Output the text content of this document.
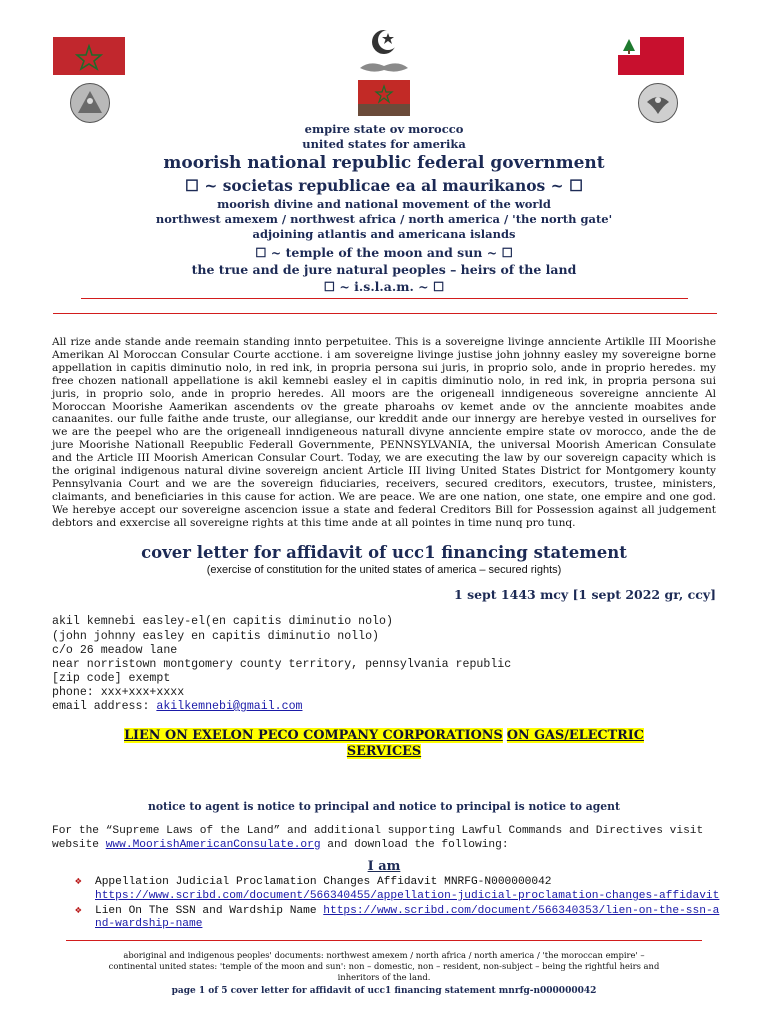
empire state ov morocco
united states for amerika
moorish national republic federal government
☐ ~ societas republicae ea al maurikanos ~ ☐
moorish divine and national movement of the world
northwest amexem / northwest africa / north america / 'the north gate'
adjoining atlantis and americana islands
☐ ~ temple of the moon and sun ~ ☐
the true and de jure natural peoples – heirs of the land
☐ ~ i.s.l.a.m. ~ ☐
All rize ande stande ande reemain standing innto perpetuitee. This is a sovereigne livinge annciente Artiklle III Moorishe Amerikan Al Moroccan Consular Courte acctione. i am sovereigne livinge justise john johnny easley my sovereigne borne appellation in capitis diminutio nolo, in red ink, in propria persona sui juris, in proprio solo, ande in proprio heredes. my free chozen nationall appellatione is akil kemnebi easley el in capitis diminutio nolo, in red ink, in propria persona sui juris, in proprio solo, ande in proprio heredes. All moors are the origeneall inndigeneous sovereigne annciente Al Moroccan Moorishe Aamerikan ascendents ov the greate pharoahs ov kemet ande ov the annciente moabites ande canaanites. our fulle faithe ande truste, our allegianse, our kreddit ande our innergy are herebye vested in ourselives for we are the peepel who are the origeneall inndigeneous naturall divyne annciente empire state ov morocco, ande the de jure Moorishe Nationall Reepublic Federall Governmente, PENNSYLVANIA, the universal Moorish American Consulate and the Article III Moorish American Consular Court. Today, we are executing the law by our sovereign capacity which is the original indigenous natural divine sovereign ancient Article III living United States District for Montgomery kounty Pennsylvania Court and we are the sovereign fiduciaries, receivers, secured creditors, executors, trustee, ministers, claimants, and beneficiaries in this cause for action. We are peace. We are one nation, one state, one empire and one god. We herebye accept our sovereigne ascencion issue a state and federal Creditors Bill for Possession against all judgement debtors and exxercise all sovereigne rights at this time ande at all pointes in time nunq pro tunq.
cover letter for affidavit of ucc1 financing statement
(exercise of constitution for the united states of america – secured rights)
1 sept 1443 mcy [1 sept 2022 gr, ccy]
akil kemnebi easley-el(en capitis diminutio nolo)
(john johnny easley en capitis diminutio nollo)
c/o 26 meadow lane
near norristown montgomery county territory, pennsylvania republic
[zip code] exempt
phone: xxx+xxx+xxxx
email address: akilkemnebi@gmail.com
LIEN ON EXELON PECO COMPANY CORPORATIONS ON GAS/ELECTRIC
SERVICES
notice to agent is notice to principal and notice to principal is notice to agent
For the “Supreme Laws of the Land” and additional supporting Lawful Commands and Directives visit
website www.MoorishAmericanConsulate.org and download the following:
I am
❖ Appellation Judicial Proclamation Changes Affidavit MNRFG-N000000042
https://www.scribd.com/document/566340455/appellation-judicial-proclamation-changes-affidavit
❖ Lien On The SSN and Wardship Name https://www.scribd.com/document/566340353/lien-on-the-ssn-and-wardship-name
aboriginal and indigenous peoples' documents: northwest amexem / north africa / north america / 'the moroccan empire' –
continental united states: 'temple of the moon and sun': non – domestic, non – resident, non-subject – being the rightful heirs and
inheritors of the land.
page 1 of 5 cover letter for affidavit of ucc1 financing statement mnrfg-n000000042
